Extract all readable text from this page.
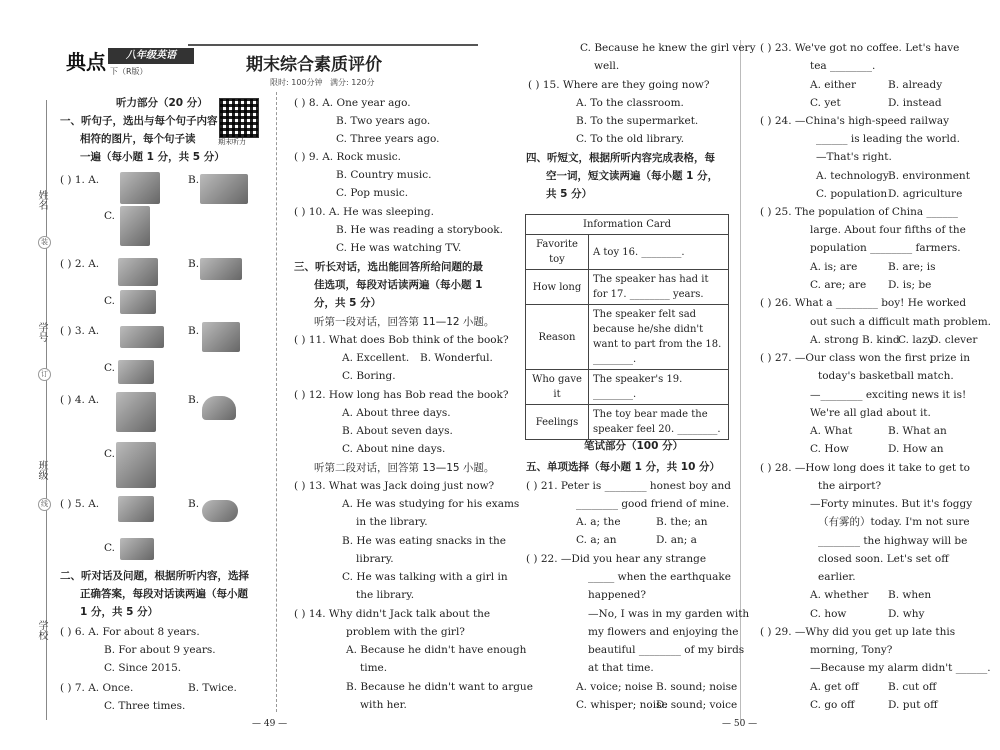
姓名
学号
班级
学校
装
订
线
典点	八年级英语
下（R版）	期末综合素质评价
限时: 100分钟 满分: 120分
期末听力
听力部分（20 分）
一、听句子，选出与每个句子内容
相符的图片，每个句子读
一遍（每小题 1 分，共 5 分）
( ) 1. A.	B.
C.
( ) 2. A.	B.
C.
( ) 3. A.	B.
C.
( ) 4. A.	B.
C.
( ) 5. A.	B.
C.
二、听对话及问题，根据所听内容，选择
正确答案，每段对话读两遍（每小题
1 分，共 5 分）
( ) 6. A. For about 8 years.
B. For about 9 years.
C. Since 2015.
( ) 7. A. Once.	B. Twice.
C. Three times.
— 49 —
( ) 8. A. One year ago.
B. Two years ago.
C. Three years ago.
( ) 9. A. Rock music.
B. Country music.
C. Pop music.
( ) 10. A. He was sleeping.
B. He was reading a storybook.
C. He was watching TV.
三、听长对话，选出能回答所给问题的最
佳选项，每段对话读两遍（每小题 1
分，共 5 分）
听第一段对话，回答第 11—12 小题。
( ) 11. What does Bob think of the book?
A. Excellent. B. Wonderful.
C. Boring.
( ) 12. How long has Bob read the book?
A. About three days.
B. About seven days.
C. About nine days.
听第二段对话，回答第 13—15 小题。
( ) 13. What was Jack doing just now?
A. He was studying for his exams
in the library.
B. He was eating snacks in the
library.
C. He was talking with a girl in
the library.
( ) 14. Why didn't Jack talk about the
problem with the girl?
A. Because he didn't have enough
time.
B. Because he didn't want to argue
with her.
C. Because he knew the girl very
well.
( ) 15. Where are they going now?
A. To the classroom.
B. To the supermarket.
C. To the old library.
四、听短文，根据所听内容完成表格，每
空一词，短文读两遍（每小题 1 分，
共 5 分）
Information Card	
Favorite toy	A toy 16. ________.
How long	The speaker has had it for 17. ________ years.
Reason	The speaker felt sad because he/she didn't want to part from the 18. ________.
Who gave it	The speaker's 19. ________.
Feelings	The toy bear made the speaker feel 20. ________.
笔试部分（100 分）
五、单项选择（每小题 1 分，共 10 分）
( ) 21. Peter is ________ honest boy and
________ good friend of mine.
A. a; the	B. the; an
C. a; an	D. an; a
( ) 22. —Did you hear any strange
_____ when the earthquake
happened?
—No, I was in my garden with
my flowers and enjoying the
beautiful ________ of my birds
at that time.
A. voice; noise B. sound; noise
C. whisper; noise
D. sound; voice
— 50 —
( ) 23. We've got no coffee. Let's have
tea ________.
A. either	B. already
C. yet	D. instead
( ) 24. —China's high-speed railway
______ is leading the world.
—That's right.
A. technology B. environment
C. population D. agriculture
( ) 25. The population of China ______
large. About four fifths of the
population ________ farmers.
A. is; are	B. are; is
C. are; are D. is; be
( ) 26. What a ________ boy! He worked
out such a difficult math problem.
A. strong B. kind
C. lazy
D. clever
( ) 27. —Our class won the first prize in
today's basketball match.
—________ exciting news it is!
We're all glad about it.
A. What	B. What an
C. How	D. How an
( ) 28. —How long does it take to get to
the airport?
—Forty minutes. But it's foggy
（有雾的）today. I'm not sure
________ the highway will be
closed soon. Let's set off
earlier.
A. whether B. when
C. how	D. why
( ) 29. —Why did you get up late this
morning, Tony?
—Because my alarm didn't ______.
A. get off	B. cut off
C. go off	D. put off
